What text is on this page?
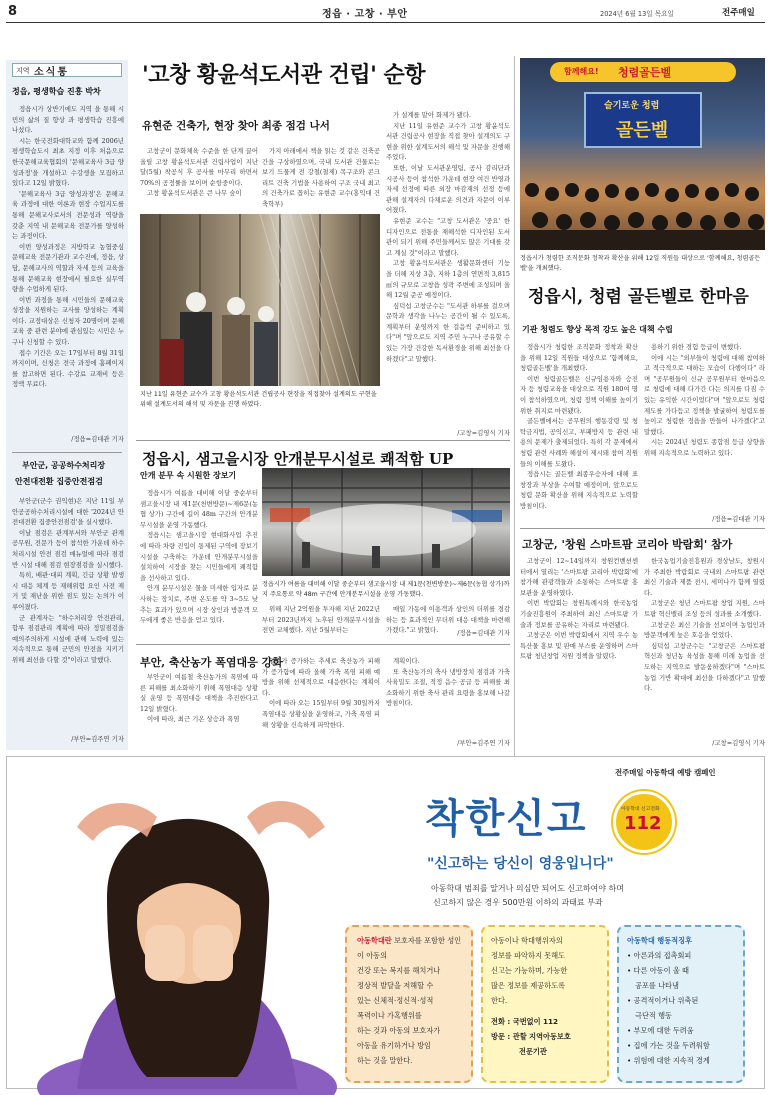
8	정읍 · 고창 · 부안	2024년 6월 13일 목요일	전주매일
지역 소식통
정읍, 평생학습 진흥 박차

정읍시가 상반기에도 지역 을 통해 시민의 삶의 질 향상 과 평생학습 진흥에 나섰다.

시는 한국전화대학교와 함께 2006년 평생학습도시 최초 지정 이후 처음으로 한국문해교육협회의 '문해교육사 3급 양성과정'을 개설하고 수강생을 모집하고 있다고 12일 밝혔다.

'문해교육사 3급 양성과정'은 문해교육 과정에 대한 이론과 현장 수업지도를 통해 문해교사로서의 전문성과 역량을 갖춘 지역 내 문해교육 전문가를 양성하는 과정이다.

이번 양성과정은 지방학교 농협중심 문해교육 전문기관과 교수진에, 정읍, 상담, 문해교사의 역할과 자세 등의 교육을 통해 문해교육 현장에서 필요한 실무역량을 수업하게 된다.

이번 과정을 통해 시민들의 문해교육 성장을 지원하는 교사를 양성하는 계획이다. 교정대상은 신청자 20명이며 문해교육 중 관련 분야에 관심있는 시민은 누구나 신청할 수 있다.

접수 기간은 오는 17일부터 8월 31일까지이며, 신청은 전국 과정에 홈페이지를 참고하면 된다. 수강료 교재비 등은 정액 무료다.

/정읍=김대관 기자
부안군, 공공하수처리장
안전대전환 집중안전점검

부안군(군수 권익현)은 지난 11일 부안공공하수처리시설에 대한 '2024년 안전대전환 집중안전점검'을 실시했다.

이날 점검은 관계부서와 부안군 관계공무원, 전문가 등이 참석한 가운데 하수처리시설 안전 점검 매뉴얼에 따라 점검반 시설 대해 점검 현장점검을 실시했다.

특히, 배관·대피 계획, 긴급 상황 발생시 대응 체계 등 재해위험 요인 사전 제거 및 재난을 위한 점도 있는 논의가 이루어졌다.

군 관계자는 "하수처리장 안전관리, 합루 점검관리 계획에 따라 정밀점검을 예의주의하게 시설에 관해 노력에 있는 지속적으로 통해 군민의 안전을 지키기 위해 최선을 다할 것"이라고 말했다.

/부안=김주연 기자
'고창 황윤석도서관 건립' 순항
유현준 건축가, 현장 찾아 최종 점검 나서

고창군이 문화체육 수준을 한 단계 끌어올릴 고창 황윤석도서관 건립사업이 지난달(5월) 착공식 후 공사를 마무리 하면서 70%의 공정률을 보이며 순항중이다.

고창 황윤석도서관은 큰 나무 숲이

가지 아래에서 책을 읽는 것 같은 건축공간을 구상하였으며, 국내 도서관 건물로는 보기 드물게 전 강철(철제) 목구조와 콘크리트 건축 기법을 사용하여 구조 국내 최고의 건축가로 꼽히는 유현준 교수(홍익대 건축학부)

가 설계를 맡아 화제가 됐다.

지난 11일 유현준 교수가 고창 황윤석도서관 건립공사 현장을 직접 찾아 설계의도 구현을 위한 설계도서의 해석 및 자문을 진행해 주었다.

또한, 이날 도서관운영팀, 공사 감리단과 시공사 등이 참석한 가운데 현장 여건 반영과 자세 선정에 따른 외장 마감재의 선정 등에 관해 설계자의 다채로운 의견과 자문이 이루어졌다.

유현준 교수는 "고창 도서관은 '중요' 한 디자인으로 전통을 재해석한 디자인된 도서관이 되기 위해 주민들께서도 많은 기대를 갖고 계실 것"이라고 말했다.

고창 황윤석도서관은 생활문화센터 기능을 더해 지상 3층, 지하 1층의 연면적 3,815㎡의 규모로 고창읍 성곽 주변에 조성되며 올해 12월 준공 예정이다.

심덕섭 고창군수는 "도서관 하루를 걸으며 문학과 생각을 나누는 공간이 될 수 있도록, 계획부터 운영까지 한 걸음씩 준비하고 있다"며 "앞으로도 지역 주민 누구나 공유할 수 있는 가장 건강한 독서환경을 위해 최선을 다하겠다"고 말했다.

/고창=김영식 기자
지난 11일 유현준 교수가 고창 황윤석도서관 건립공사 현장을 직접찾아 설계의도 구현을 위해 설계도서의 해석 및 자문을 진행 하였다.
함께해요! 청렴골든벨
슬기로운 청렴
골든벨
정읍시가 청렴한 조직문화 정착과 확산을 위해 12일 직원들 대상으로 '함께해요, 청렴골든벨'을 개최했다.
정읍시, 청렴 골든벨로 한마음
기관 청렴도 향상 목적 강도 높은 대책 수립

정읍시가 청렴한 조직문화 정착과 확산을 위해 12일 직원들 대상으로 '함께해요, 청렴골든벨'을 개최했다.

이번 청렴골든벨은 신규임용자와 승진자 등 청렴교육을 대상으로 직원 180여 명이 참석하였으며, 청렴 정책 이해를 높이기 위한 취지로 마련됐다.

골든벨에서는 공무원의 행동강령 및 청탁금지법, 공익신고, 부패방지 등 관련 내용의 문제가 출제되었다. 특히 각 문제에서 청렴 관련 사례와 해설이 제시돼 참여 직원들의 이해를 도왔다.

정읍시는 골든벨 최종우승자에 대해 표창장과 부상을 수여할 예정이며, 앞으로도 청렴 문화 확산을 위해 지속적으로 노력할 방침이다.

용하기 위한 경험 등급이 변했다.

이에 시는 "외부들이 청렴에 대해 참여하고 적극적으로 대하는 모습이 다행이다" 라며 "공무원들이 신규 공무원부터 한마음으로 청렴에 대해 다가간 다는 의지를 다짐 수 있는 유익한 시간이었다"며 "앞으로도 청렴 제도를 가다듬고 정책을 발굴하여 청렴도를 높이고 청렴한 정읍을 만들어 나가겠다"고 말했다.

시는 2024년 청렴도 종합점 등급 상향을 위해 지속적으로 노력하고 있다.

/정읍=김대관 기자
고창군, '창원 스마트팜 코리아 박람회' 참가

고창군이 12~14일까지 창원컨벤션센터에서 열리는 '스마트팜 코리아 박람회'에 참가해 관광객들과 소통하는 스마트팜 홍보관을 운영하였다.

이번 박람회는 창원특례시와 한국농업기술진흥원이 주최하여 최신 스마트팜 기술과 정보를 공유하는 자리로 마련됐다.

고창군은 이번 박람회에서 지역 우수 농특산물 홍보 및 판매 부스를 운영하며 스마트팜 청년창업 지원 정책을 알렸다.

한국농업기술진흥원과 경상남도, 창원시가 주최한 박람회로 국내외 스마트팜 관련 최신 기술과 제품 전시, 세미나가 함께 열렸다.

고창군은 청년 스마트팜 창업 지원, 스마트팜 혁신밸리 조성 등의 성과를 소개했다.

고창군은 최신 기술을 선보이며 농업인과 방문객에게 높은 호응을 얻었다.

심덕섭 고창군수는 "고창군은 스마트팜 혁신과 청년농 육성을 통해 미래 농업을 선도하는 지역으로 발돋움하겠다"며 "스마트 농업 기반 확대에 최선을 다하겠다"고 말했다.

/고창=김영식 기자
정읍시, 샘고을시장 안개분무시설로 쾌적함 UP
안개 분무 속 시원한 장보기

정읍시가 여름을 대비해 이달 중순부터 샘고을시장 내 제1문(천변방문)~제6문(농협 상가) 구간에 길이 48m 구간의 안개분무시설을 운영 가동했다.

정읍시는 샘고을시장 현대화사업 추진에 따라 차량 진입이 통제된 구역에 장보기 시설을 구축하는 가운데 안개분무시설을 설치하여 시장을 찾는 시민들에게 쾌적함을 선사하고 있다.

안개 분무시설은 물을 미세한 입자로 분사하는 장치로, 주변 온도를 약 3~5도 낮추는 효과가 있으며 시장 상인과 방문객 모두에게 좋은 반응을 얻고 있다.

정읍시가 여름을 대비해 이달 중순부터 샘고을시장 내 제1문(천변방문)~제6문(농협 상가)까지 주요통로 약 48m 구간에 안개분무시설을 운영 가동했다.

위해 지난 2억원을 투자해 지난 2022년부터 2023년까지 노후된 안개분무시설을 전면 교체했다. 지난 5월부터는

매일 가동에 이용객과 상인의 더위를 경감하는 등 효과적인 무더위 대응 대책을 마련해 가겠다."고 밝혔다.	/정읍=김대관 기자
부안, 축산농가 폭염대응 강화

부안군이 여름철 축산농가의 폭염에 따른 피해를 최소화하기 위해 폭염대응 상황실 운영 등 폭염대응 대책을 추진한다고 12일 밝혔다.

이에 따라, 최근 기온 상승과 폭염

일수가 증가하는 추세로 축산농가 피해가 증가함에 따라 올해 가축 폭염 피해 예방을 위해 선제적으로 대응한다는 계획이다.

이에 따라 오는 15일부터 9월 30일까지 폭염대응 상황실을 운영하고, 가축 폭염 피해 상황을 신속하게 파악한다.

계획이다.

또 축산농가의 축사 냉방장치 점검과 가축 사육밀도 조절, 적정 음수 공급 등 피해를 최소화하기 위한 축사 관리 요령을 홍보해 나갈 방침이다.

/부안=김주연 기자
전주매일 아동학대 예방 캠페인
착한신고	아동학대 신고전화
112
"신고하는 당신이 영웅입니다"
아동학대 범죄를 알거나 의심만 되어도 신고하여야 하며
신고하지 않은 경우 500만원 이하의 과태료 부과
아동학대란 보호자를 포함한 성인이 아동의
건강 또는 복지를 해치거나
정상적 발달을 저해할 수
있는 신체적·정신적·성적
폭력이나 가혹행위를
하는 것과 아동의 보호자가
아동을 유기하거나 방임
하는 것을 말한다.
아동이나 학대행위자의
정보를 파악하지 못해도
신고는 가능하며, 가능한
많은 정보를 제공하도록
한다.
전화 : 국번없이 112
방문 : 관할 지역아동보호
전문기관
아동학대 행동적징후
• 아른과의 접촉회피
• 다른 아동이 울 때
공포를 나타냄
• 공격적이거나 위축된
극단적 행동
• 부모에 대한 두려움
• 집에 가는 것을 두려워함
• 위험에 대한 지속적 경계
